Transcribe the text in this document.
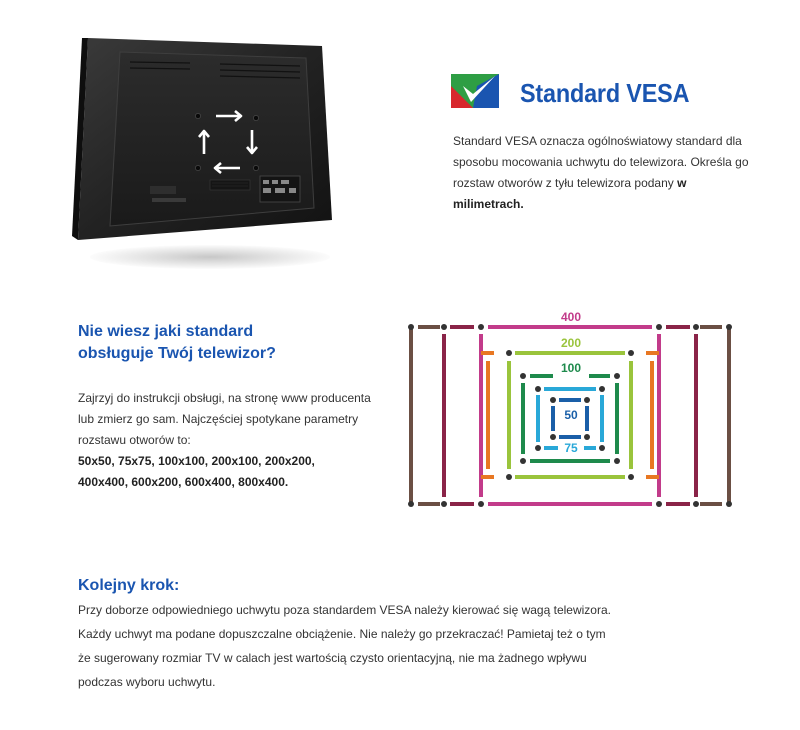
Standard VESA
Standard VESA oznacza ogólnoświatowy standard dla sposobu mocowania uchwytu do telewizora. Określa go rozstaw otworów z tyłu telewizora podany w milimetrach.
Nie wiesz jaki standard
obsługuje Twój telewizor?
Zajrzyj do instrukcji obsługi, na stronę www producenta lub zmierz go sam. Najczęściej spotykane parametry rozstawu otworów to:
50x50, 75x75, 100x100, 200x100, 200x200,
400x400, 600x200, 600x400, 800x400.
400
200
100
50
75
Kolejny krok:
Przy doborze odpowiedniego uchwytu poza standardem VESA należy kierować się wagą telewizora.
Każdy uchwyt ma podane dopuszczalne obciążenie. Nie należy go przekraczać! Pamietaj też o tym
że sugerowany rozmiar TV w calach jest wartością czysto orientacyjną, nie ma żadnego wpływu
podczas wyboru uchwytu.
